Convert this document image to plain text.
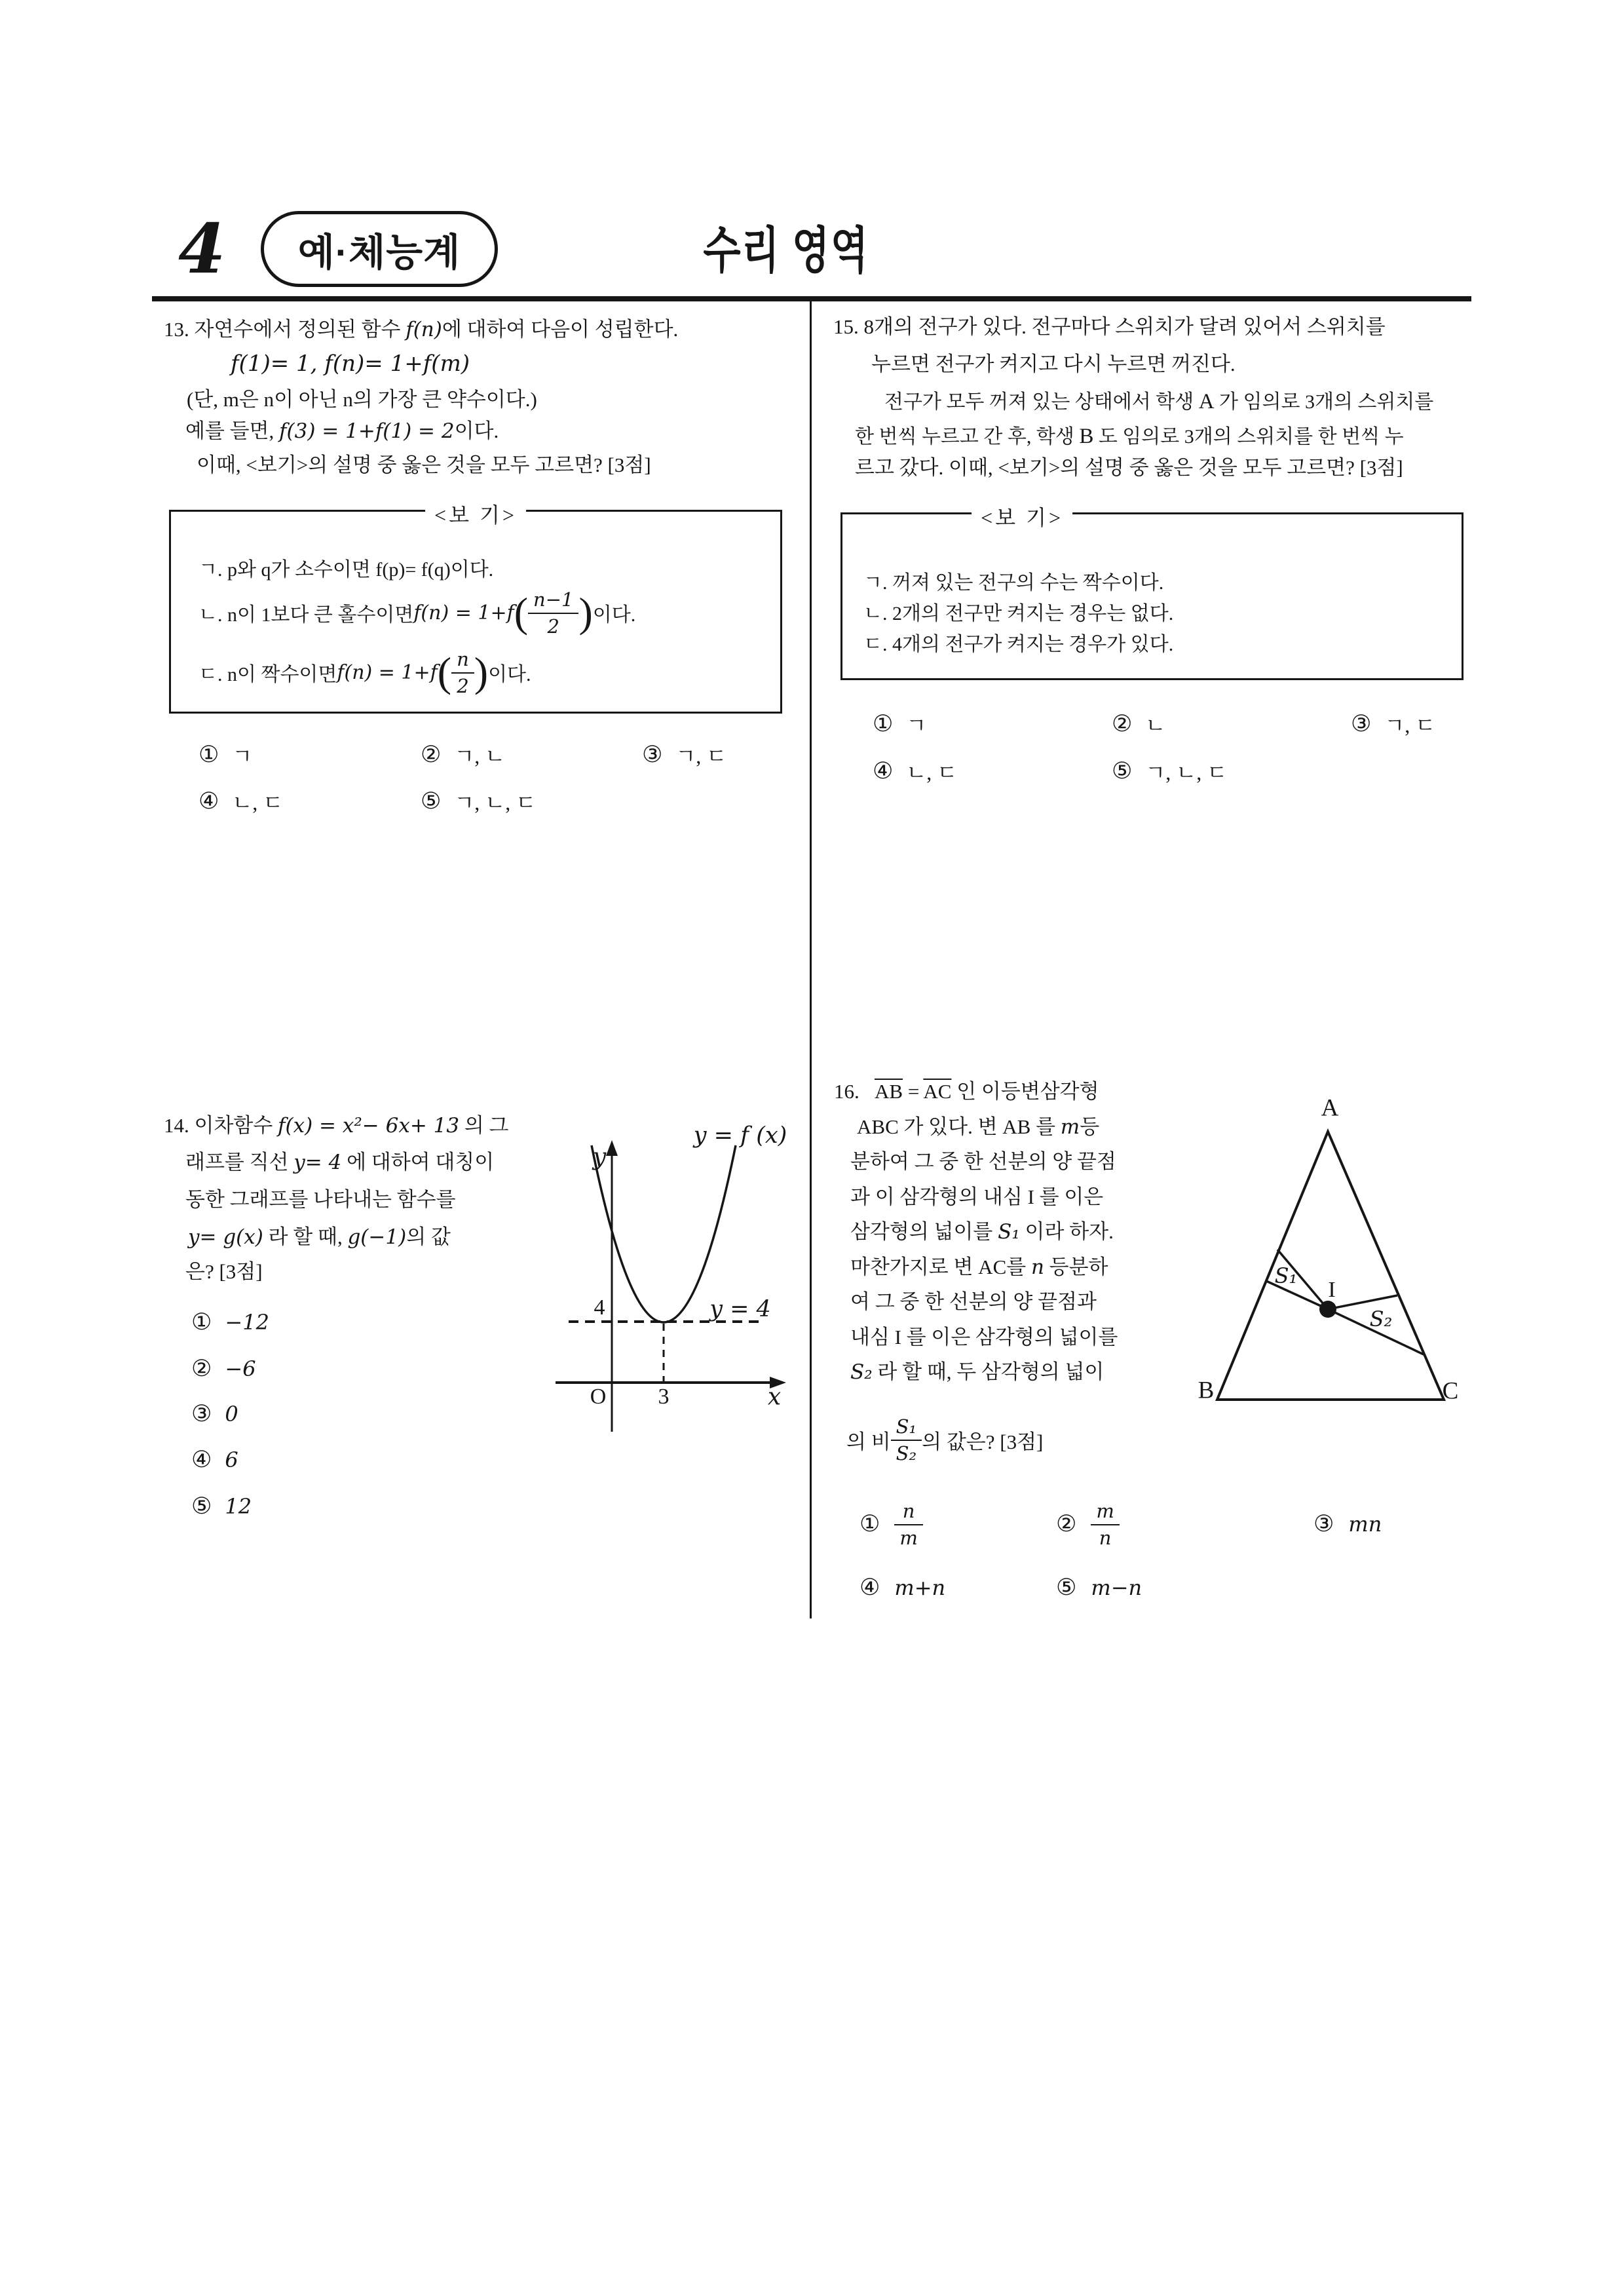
4 예·체능계	수리 영역
13. 자연수에서 정의된 함수 f(n)에 대하여 다음이 성립한다.
f(1)= 1, f(n)= 1+f(m)
(단, m은 n이 아닌 n의 가장 큰 약수이다.)
예를 들면, f(3) = 1+f(1) = 2이다.
이때, <보기>의 설명 중 옳은 것을 모두 고르면? [3점]
<보 기>
ㄱ. p와 q가 소수이면 f(p)= f(q)이다.
ㄴ. n이 1보다 큰 홀수이면 f(n) = 1+f ( $\frac{n-1}{2}$ ) 이다.
ㄷ. n이 짝수이면 f(n) = 1+f ( $\frac{n}{2}$ ) 이다.
① ㄱ	② ㄱ, ㄴ	③ ㄱ, ㄷ
④ ㄴ, ㄷ	⑤ ㄱ, ㄴ, ㄷ
14. 이차함수 f(x) = x²− 6x+ 13 의 그
래프를 직선 y= 4 에 대하여 대칭이
동한 그래프를 나타내는 함수를
y= g(x) 라 할 때, g(−1)의 값
은? [3점]
① −12
② −6
③ 0
④ 6
⑤ 12
y
y = f (x)
4	y = 4
O 3	x
15. 8개의 전구가 있다. 전구마다 스위치가 달려 있어서 스위치를
누르면 전구가 켜지고 다시 누르면 꺼진다.
전구가 모두 꺼져 있는 상태에서 학생 A 가 임의로 3개의 스위치를
한 번씩 누르고 간 후, 학생 B 도 임의로 3개의 스위치를 한 번씩 누
르고 갔다. 이때, <보기>의 설명 중 옳은 것을 모두 고르면? [3점]
<보 기>
ㄱ. 꺼져 있는 전구의 수는 짝수이다.
ㄴ. 2개의 전구만 켜지는 경우는 없다.
ㄷ. 4개의 전구가 켜지는 경우가 있다.
① ㄱ	② ㄴ	③ ㄱ, ㄷ
④ ㄴ, ㄷ	⑤ ㄱ, ㄴ, ㄷ
16. $\overline{AB} = \overline{AC}$ 인 이등변삼각형
ABC 가 있다. 변 AB 를 m등
분하여 그 중 한 선분의 양 끝점
과 이 삼각형의 내심 I 를 이은
삼각형의 넓이를 S₁ 이라 하자.
마찬가지로 변 AC를 n 등분하
여 그 중 한 선분의 양 끝점과
내심 I 를 이은 삼각형의 넓이를
S₂ 라 할 때, 두 삼각형의 넓이
의 비 $\frac{\text{S₁}}{\text{S₂}}$ 의 값은? [3점]
① $\frac{n}{m}$	② $\frac{m}{n}$	③ mn
④ m+n	⑤ m−n
A
B	C
I
S₁
S₂
